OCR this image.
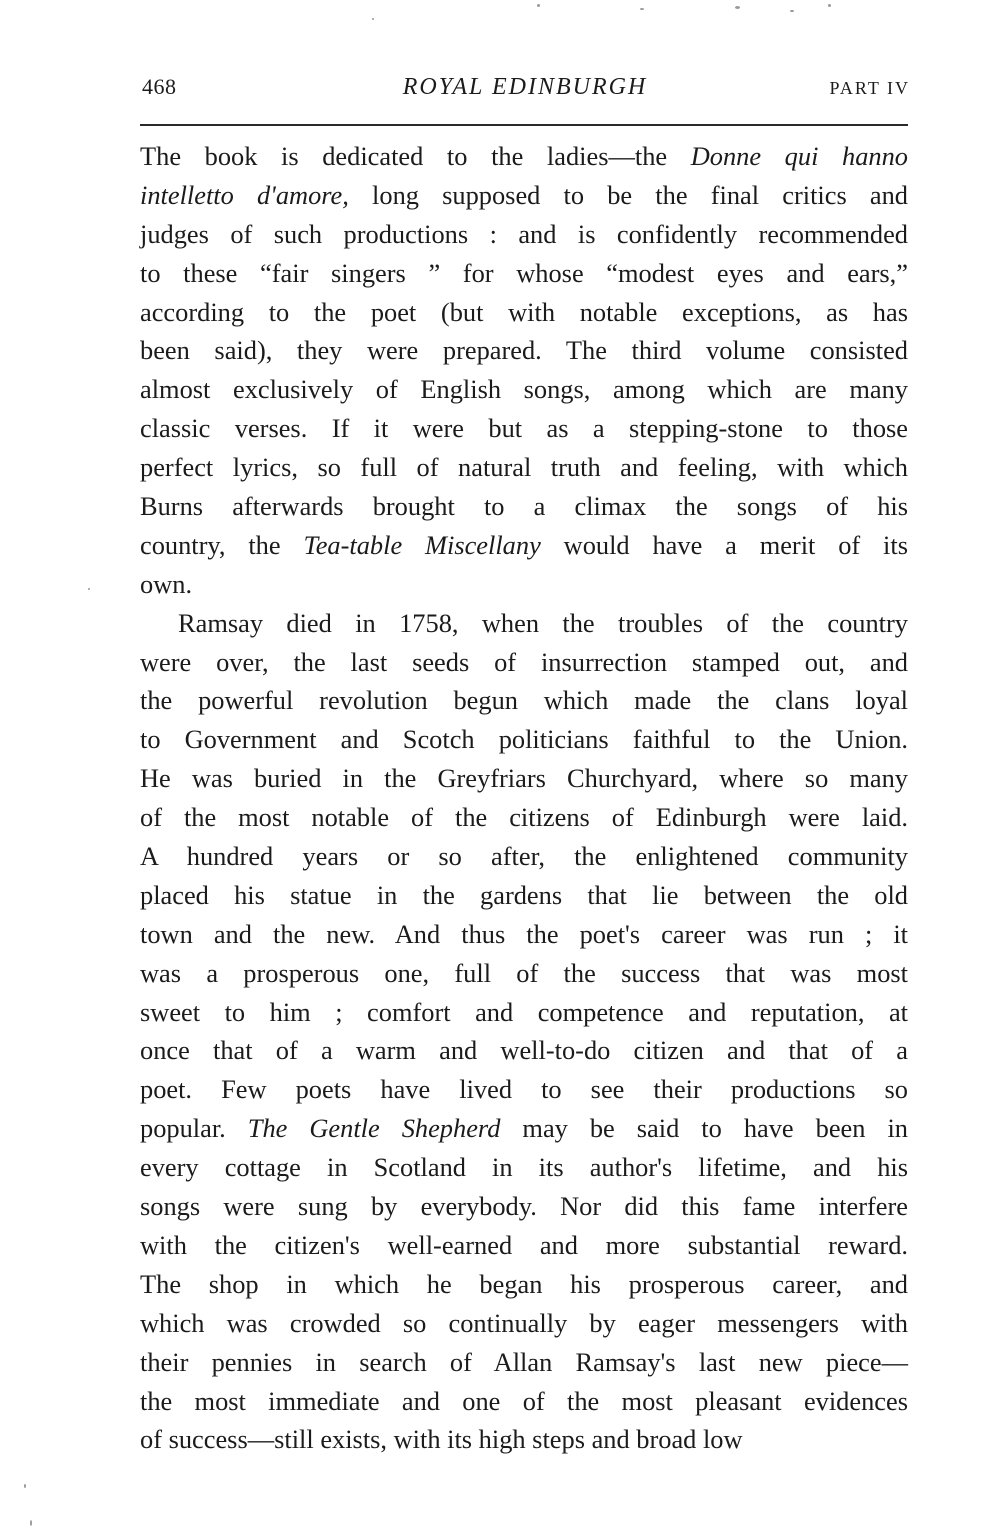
468	ROYAL EDINBURGH	PART IV
The book is dedicated to the ladies—the Donne qui hanno
intelletto d'amore, long supposed to be the final critics and
judges of such productions : and is confidently recommended
to these “fair singers ” for whose “modest eyes and ears,”
according to the poet (but with notable exceptions, as has
been said), they were prepared. The third volume consisted
almost exclusively of English songs, among which are many
classic verses. If it were but as a stepping-stone to those
perfect lyrics, so full of natural truth and feeling, with which
Burns afterwards brought to a climax the songs of his
country, the Tea-table Miscellany would have a merit of its
own.
Ramsay died in 1758, when the troubles of the country
were over, the last seeds of insurrection stamped out, and
the powerful revolution begun which made the clans loyal
to Government and Scotch politicians faithful to the Union.
He was buried in the Greyfriars Churchyard, where so many
of the most notable of the citizens of Edinburgh were laid.
A hundred years or so after, the enlightened community
placed his statue in the gardens that lie between the old
town and the new. And thus the poet's career was run ; it
was a prosperous one, full of the success that was most
sweet to him ; comfort and competence and reputation, at
once that of a warm and well-to-do citizen and that of a
poet. Few poets have lived to see their productions so
popular. The Gentle Shepherd may be said to have been in
every cottage in Scotland in its author's lifetime, and his
songs were sung by everybody. Nor did this fame interfere
with the citizen's well-earned and more substantial reward.
The shop in which he began his prosperous career, and
which was crowded so continually by eager messengers with
their pennies in search of Allan Ramsay's last new piece—
the most immediate and one of the most pleasant evidences
of success—still exists, with its high steps and broad low
